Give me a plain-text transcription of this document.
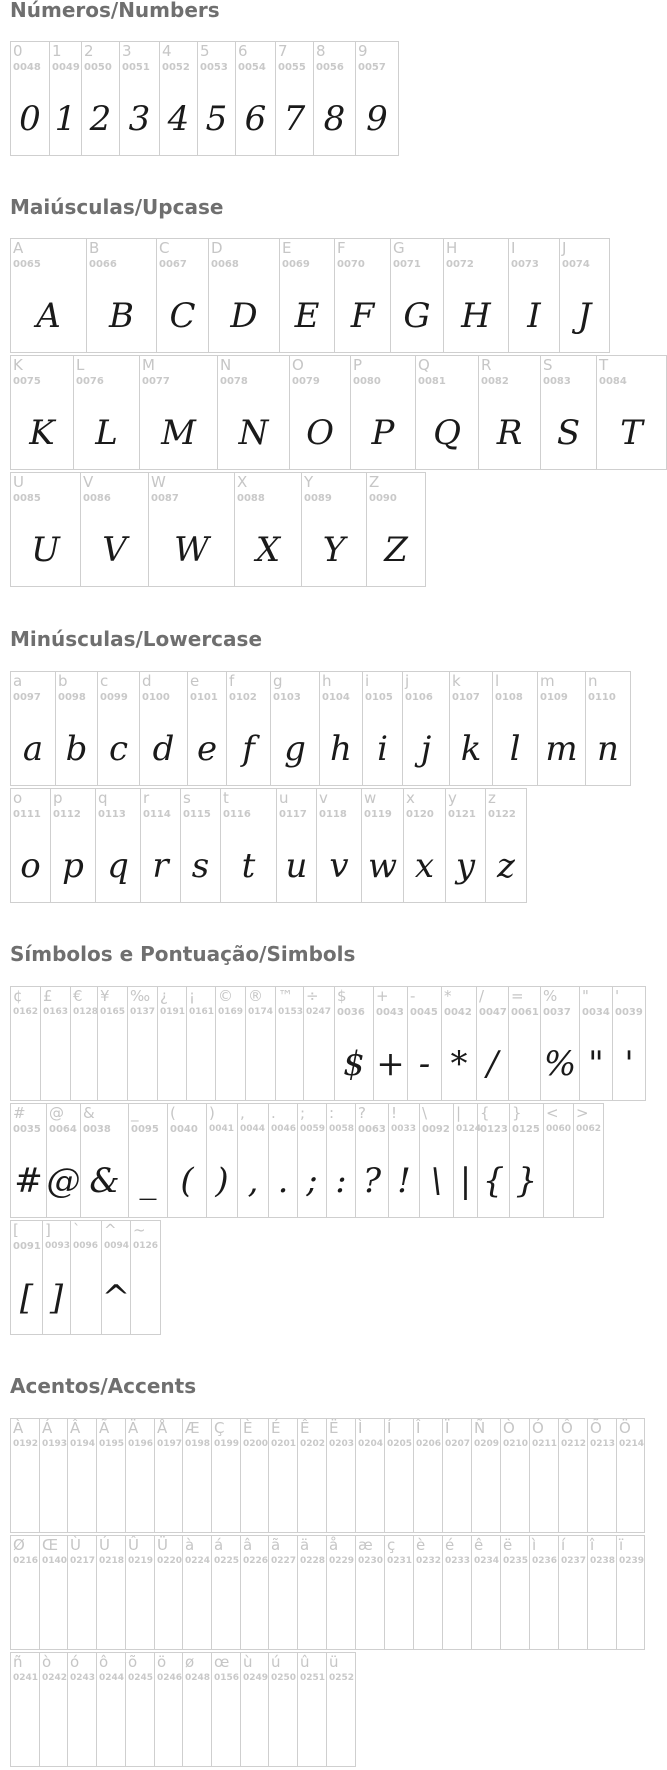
Números/Numbers
0
0048
0
1
0049
1
2
0050
2
3
0051
3
4
0052
4
5
0053
5
6
0054
6
7
0055
7
8
0056
8
9
0057
9
Maiúsculas/Upcase
A
0065
A
B
0066
B
C
0067
C
D
0068
D
E
0069
E
F
0070
F
G
0071
G
H
0072
H
I
0073
I
J
0074
J
K
0075
K
L
0076
L
M
0077
M
N
0078
N
O
0079
O
P
0080
P
Q
0081
Q
R
0082
R
S
0083
S
T
0084
T
U
0085
U
V
0086
V
W
0087
W
X
0088
X
Y
0089
Y
Z
0090
Z
Minúsculas/Lowercase
a
0097
a
b
0098
b
c
0099
c
d
0100
d
e
0101
e
f
0102
f
g
0103
g
h
0104
h
i
0105
i
j
0106
j
k
0107
k
l
0108
l
m
0109
m
n
0110
n
o
0111
o
p
0112
p
q
0113
q
r
0114
r
s
0115
s
t
0116
t
u
0117
u
v
0118
v
w
0119
w
x
0120
x
y
0121
y
z
0122
z
Símbolos e Pontuação/Simbols
¢
0162
£
0163
€
0128
¥
0165
‰
0137
¿
0191
¡
0161
©
0169
®
0174
™
0153
÷
0247
$
0036
$
+
0043
+
-
0045
-
*
0042
*
/
0047
/
=
0061
%
0037
%
"
0034
"
'
0039
'
#
0035
#
@
0064
@
&
0038
&
_
0095
_
(
0040
(
)
0041
)
,
0044
,
.
0046
.
;
0059
;
:
0058
:
?
0063
?
!
0033
!
\
0092
\
|
0124
|
{
0123
{
}
0125
}
<
0060
>
0062
[
0091
[
]
0093
]
`
0096
^
0094
^
~
0126
Acentos/Accents
À
0192
Á
0193
Â
0194
Ã
0195
Ä
0196
Å
0197
Æ
0198
Ç
0199
È
0200
É
0201
Ê
0202
Ë
0203
Ì
0204
Í
0205
Î
0206
Ï
0207
Ñ
0209
Ò
0210
Ó
0211
Ô
0212
Õ
0213
Ö
0214
Ø
0216
Œ
0140
Ù
0217
Ú
0218
Û
0219
Ü
0220
à
0224
á
0225
â
0226
ã
0227
ä
0228
å
0229
æ
0230
ç
0231
è
0232
é
0233
ê
0234
ë
0235
ì
0236
í
0237
î
0238
ï
0239
ñ
0241
ò
0242
ó
0243
ô
0244
õ
0245
ö
0246
ø
0248
œ
0156
ù
0249
ú
0250
û
0251
ü
0252
